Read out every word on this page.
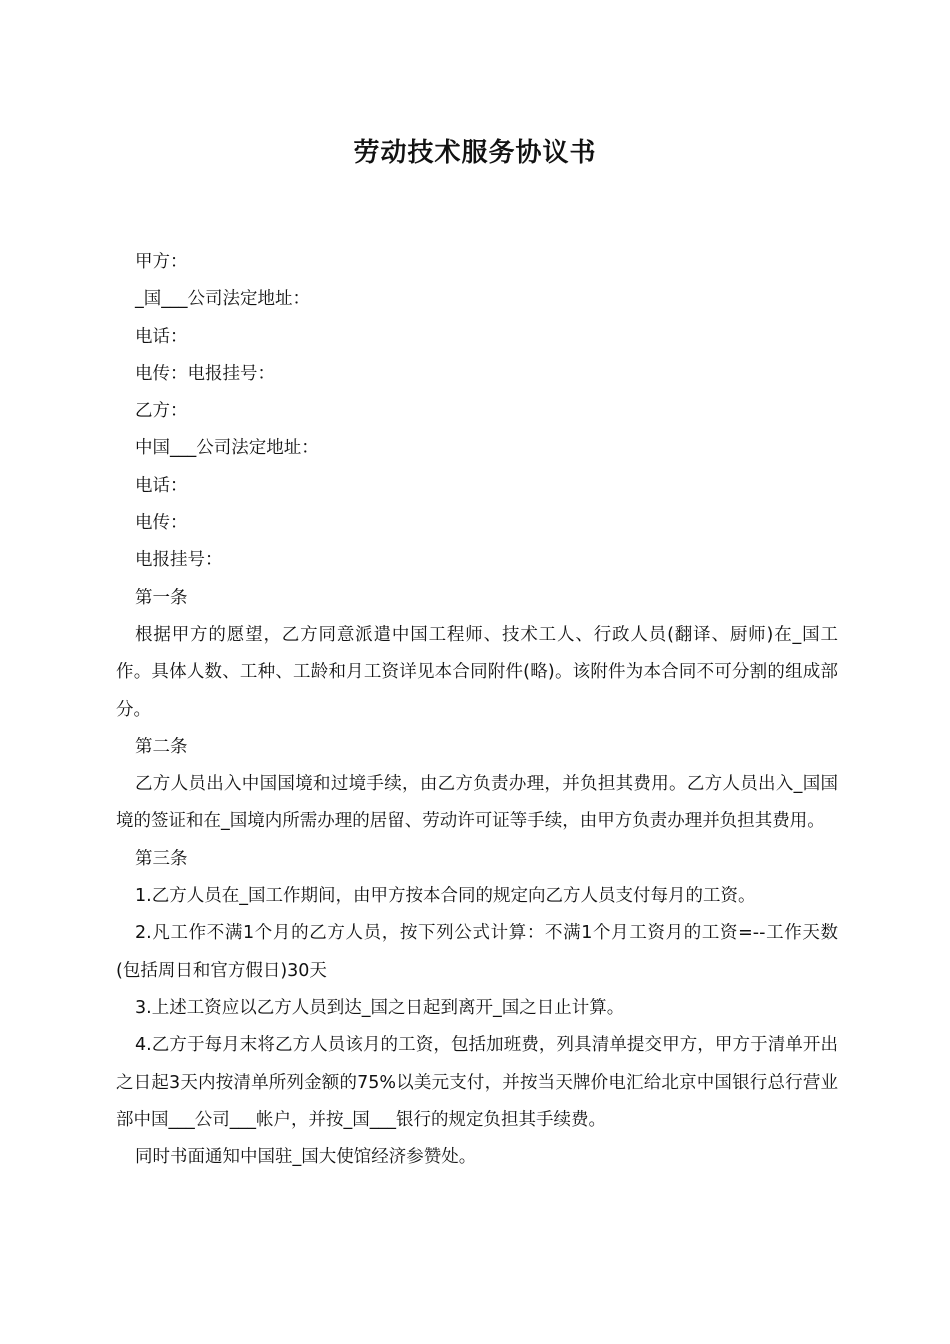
劳动技术服务协议书

甲方：

_国___公司法定地址：

电话：

电传：电报挂号：

乙方：

中国___公司法定地址：

电话：

电传：

电报挂号：

第一条

根据甲方的愿望，乙方同意派遣中国工程师、技术工人、行政人员(翻译、厨师)在_国工作。具体人数、工种、工龄和月工资详见本合同附件(略)。该附件为本合同不可分割的组成部分。

第二条

乙方人员出入中国国境和过境手续，由乙方负责办理，并负担其费用。乙方人员出入_国国境的签证和在_国境内所需办理的居留、劳动许可证等手续，由甲方负责办理并负担其费用。

第三条

1.乙方人员在_国工作期间，由甲方按本合同的规定向乙方人员支付每月的工资。

2.凡工作不满1个月的乙方人员，按下列公式计算：不满1个月工资月的工资=--工作天数(包括周日和官方假日)30天

3.上述工资应以乙方人员到达_国之日起到离开_国之日止计算。

4.乙方于每月末将乙方人员该月的工资，包括加班费，列具清单提交甲方，甲方于清单开出之日起3天内按清单所列金额的75%以美元支付，并按当天牌价电汇给北京中国银行总行营业部中国___公司___帐户，并按_国___银行的规定负担其手续费。

同时书面通知中国驻_国大使馆经济参赞处。
